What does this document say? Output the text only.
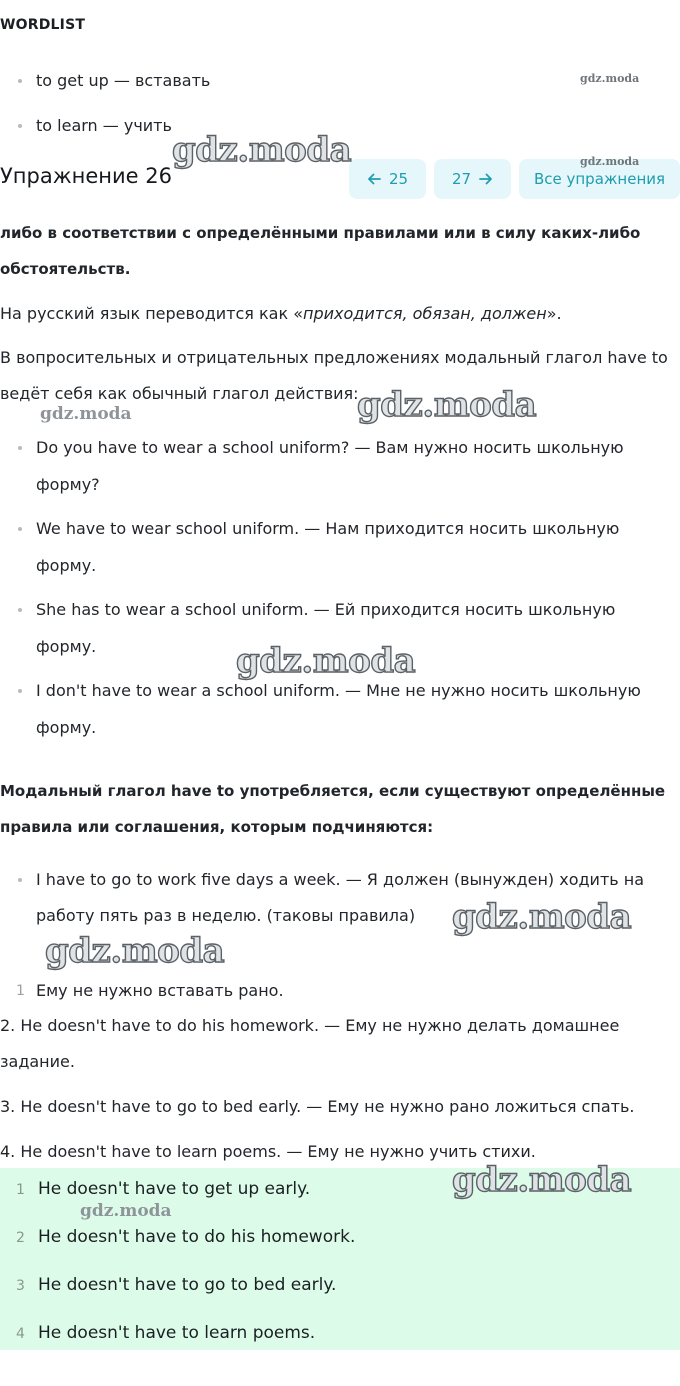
WORDLIST
to get up — вставать
to learn — учить
Упражнение 26	25	27	Все упражнения
либо в соответствии с определёнными правилами или в силу каких-либо
обстоятельств.
На русский язык переводится как «приходится, обязан, должен».
В вопросительных и отрицательных предложениях модальный глагол have to
ведёт себя как обычный глагол действия:
Do you have to wear a school uniform? — Вам нужно носить школьную
форму?
We have to wear school uniform. — Нам приходится носить школьную
форму.
She has to wear a school uniform. — Ей приходится носить школьную
форму.
I don't have to wear a school uniform. — Мне не нужно носить школьную
форму.
Модальный глагол have to употребляется, если существуют определённые
правила или соглашения, которым подчиняются:
I have to go to work five days a week. — Я должен (вынужден) ходить на
работу пять раз в неделю. (таковы правила)
1 Ему не нужно вставать рано.
2. He doesn't have to do his homework. — Ему не нужно делать домашнее
задание.
3. He doesn't have to go to bed early. — Ему не нужно рано ложиться спать.
4. He doesn't have to learn poems. — Ему не нужно учить стихи.
1 He doesn't have to get up early.
2 He doesn't have to do his homework.
3 He doesn't have to go to bed early.
4 He doesn't have to learn poems.
gdz.moda
gdz.moda	gdz.moda
gdz.moda
gdz.moda
gdz.moda
gdz.moda
gdz.moda
gdz.moda
gdz.moda
